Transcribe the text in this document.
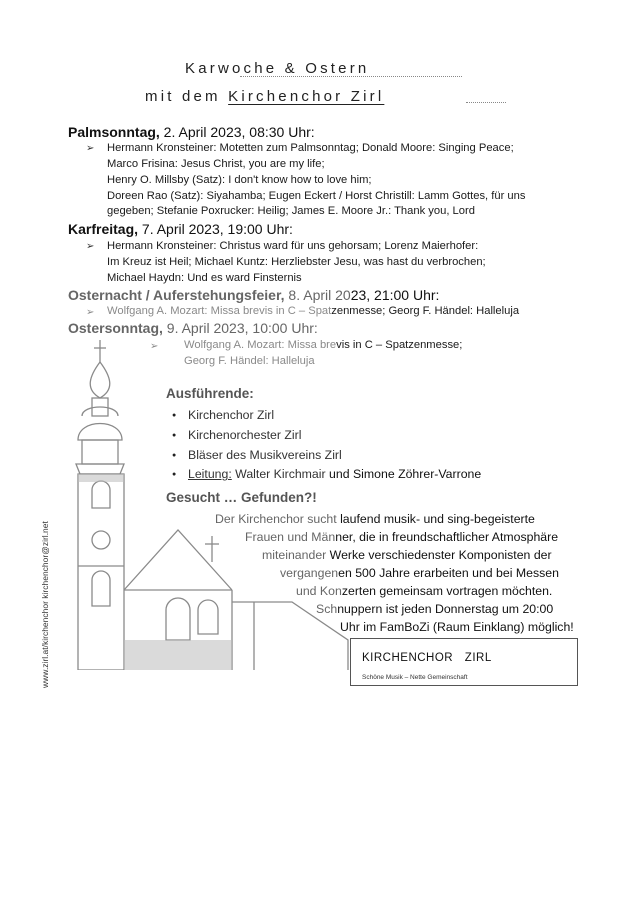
Karwoche & Ostern
mit dem Kirchenchor Zirl
Palmsonntag, 2. April 2023, 08:30 Uhr:
➢ Hermann Kronsteiner: Motetten zum Palmsonntag; Donald Moore: Singing Peace;
Marco Frisina: Jesus Christ, you are my life;
Henry O. Millsby (Satz): I don't know how to love him;
Doreen Rao (Satz): Siyahamba; Eugen Eckert / Horst Christill: Lamm Gottes, für uns
gegeben; Stefanie Poxrucker: Heilig; James E. Moore Jr.: Thank you, Lord
Karfreitag, 7. April 2023, 19:00 Uhr:
➢ Hermann Kronsteiner: Christus ward für uns gehorsam; Lorenz Maierhofer:
Im Kreuz ist Heil; Michael Kuntz: Herzliebster Jesu, was hast du verbrochen;
Michael Haydn: Und es ward Finsternis
Osternacht / Auferstehungsfeier, 8. April 2023, 21:00 Uhr:
➢ Wolfgang A. Mozart: Missa brevis in C – Spatzenmesse; Georg F. Händel: Halleluja
Ostersonntag, 9. April 2023, 10:00 Uhr:
➢ Wolfgang A. Mozart: Missa brevis in C – Spatzenmesse;
Georg F. Händel: Halleluja
Ausführende:
● Kirchenchor Zirl
● Kirchenorchester Zirl
● Bläser des Musikvereins Zirl
● Leitung: Walter Kirchmair und Simone Zöhrer-Varrone
Gesucht … Gefunden?!
Der Kirchenchor sucht laufend musik- und sing-begeisterte
Frauen und Männer, die in freundschaftlicher Atmosphäre
miteinander Werke verschiedenster Komponisten der
vergangenen 500 Jahre erarbeiten und bei Messen
und Konzerten gemeinsam vortragen möchten.
Schnuppern ist jeden Donnerstag um 20:00
Uhr im FamBoZi (Raum Einklang) möglich!
www.zirl.at/kirchenchor kirchenchor@zirl.net	KIRCHENCHOR ZIRL
Schöne Musik – Nette Gemeinschaft
